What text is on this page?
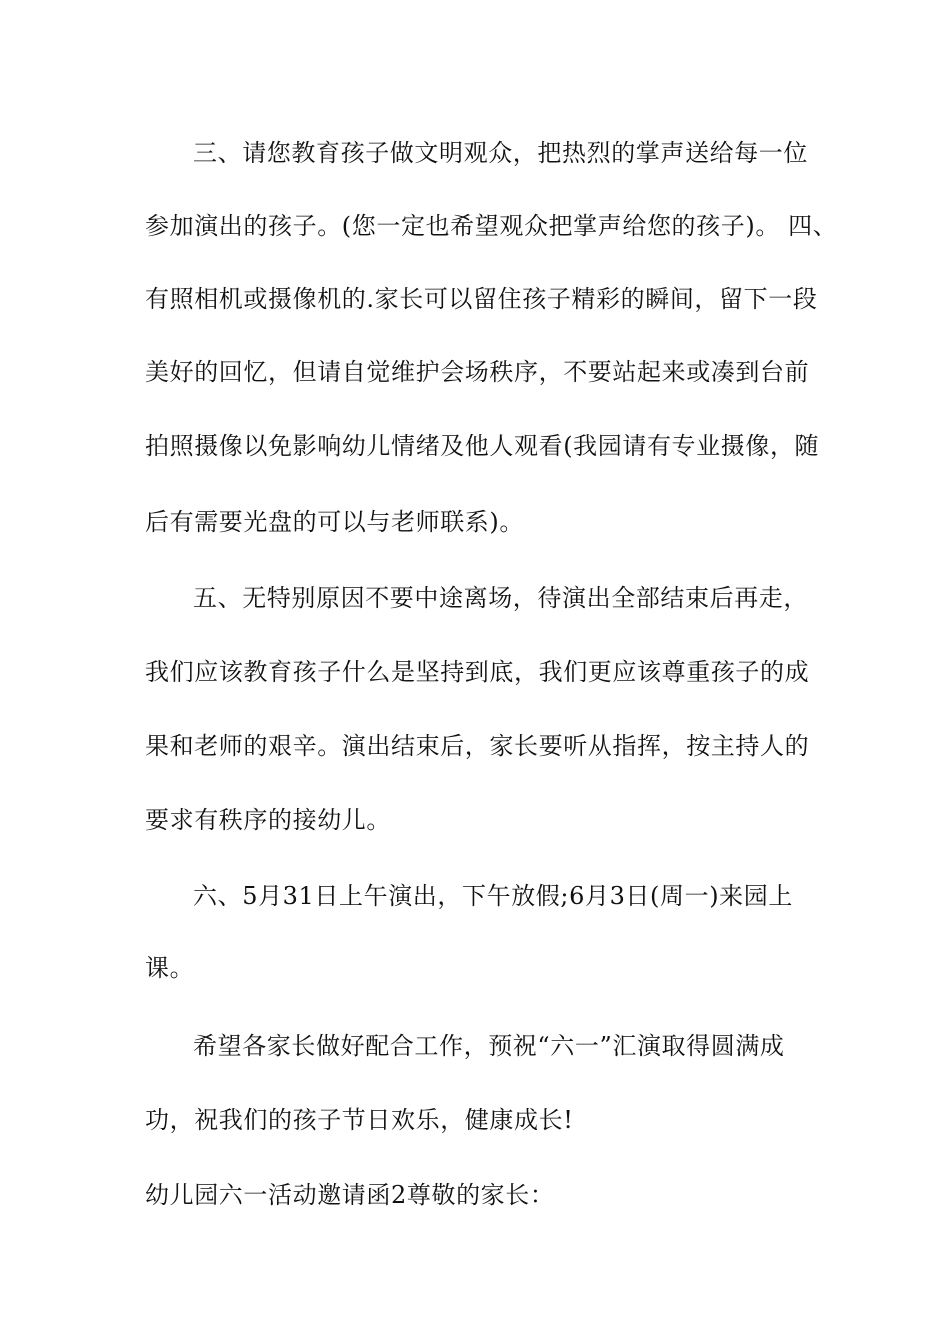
三、请您教育孩子做文明观众，把热烈的掌声送给每一位
参加演出的孩子。(您一定也希望观众把掌声给您的孩子)。 四、
有照相机或摄像机的.家长可以留住孩子精彩的瞬间，留下一段
美好的回忆，但请自觉维护会场秩序，不要站起来或凑到台前
拍照摄像以免影响幼儿情绪及他人观看(我园请有专业摄像，随
后有需要光盘的可以与老师联系)。
五、无特别原因不要中途离场，待演出全部结束后再走，
我们应该教育孩子什么是坚持到底，我们更应该尊重孩子的成
果和老师的艰辛。演出结束后，家长要听从指挥，按主持人的
要求有秩序的接幼儿。
六、5月31日上午演出，下午放假;6月3日(周一)来园上
课。
希望各家长做好配合工作，预祝“六一”汇演取得圆满成
功，祝我们的孩子节日欢乐，健康成长!
幼儿园六一活动邀请函2尊敬的家长：
